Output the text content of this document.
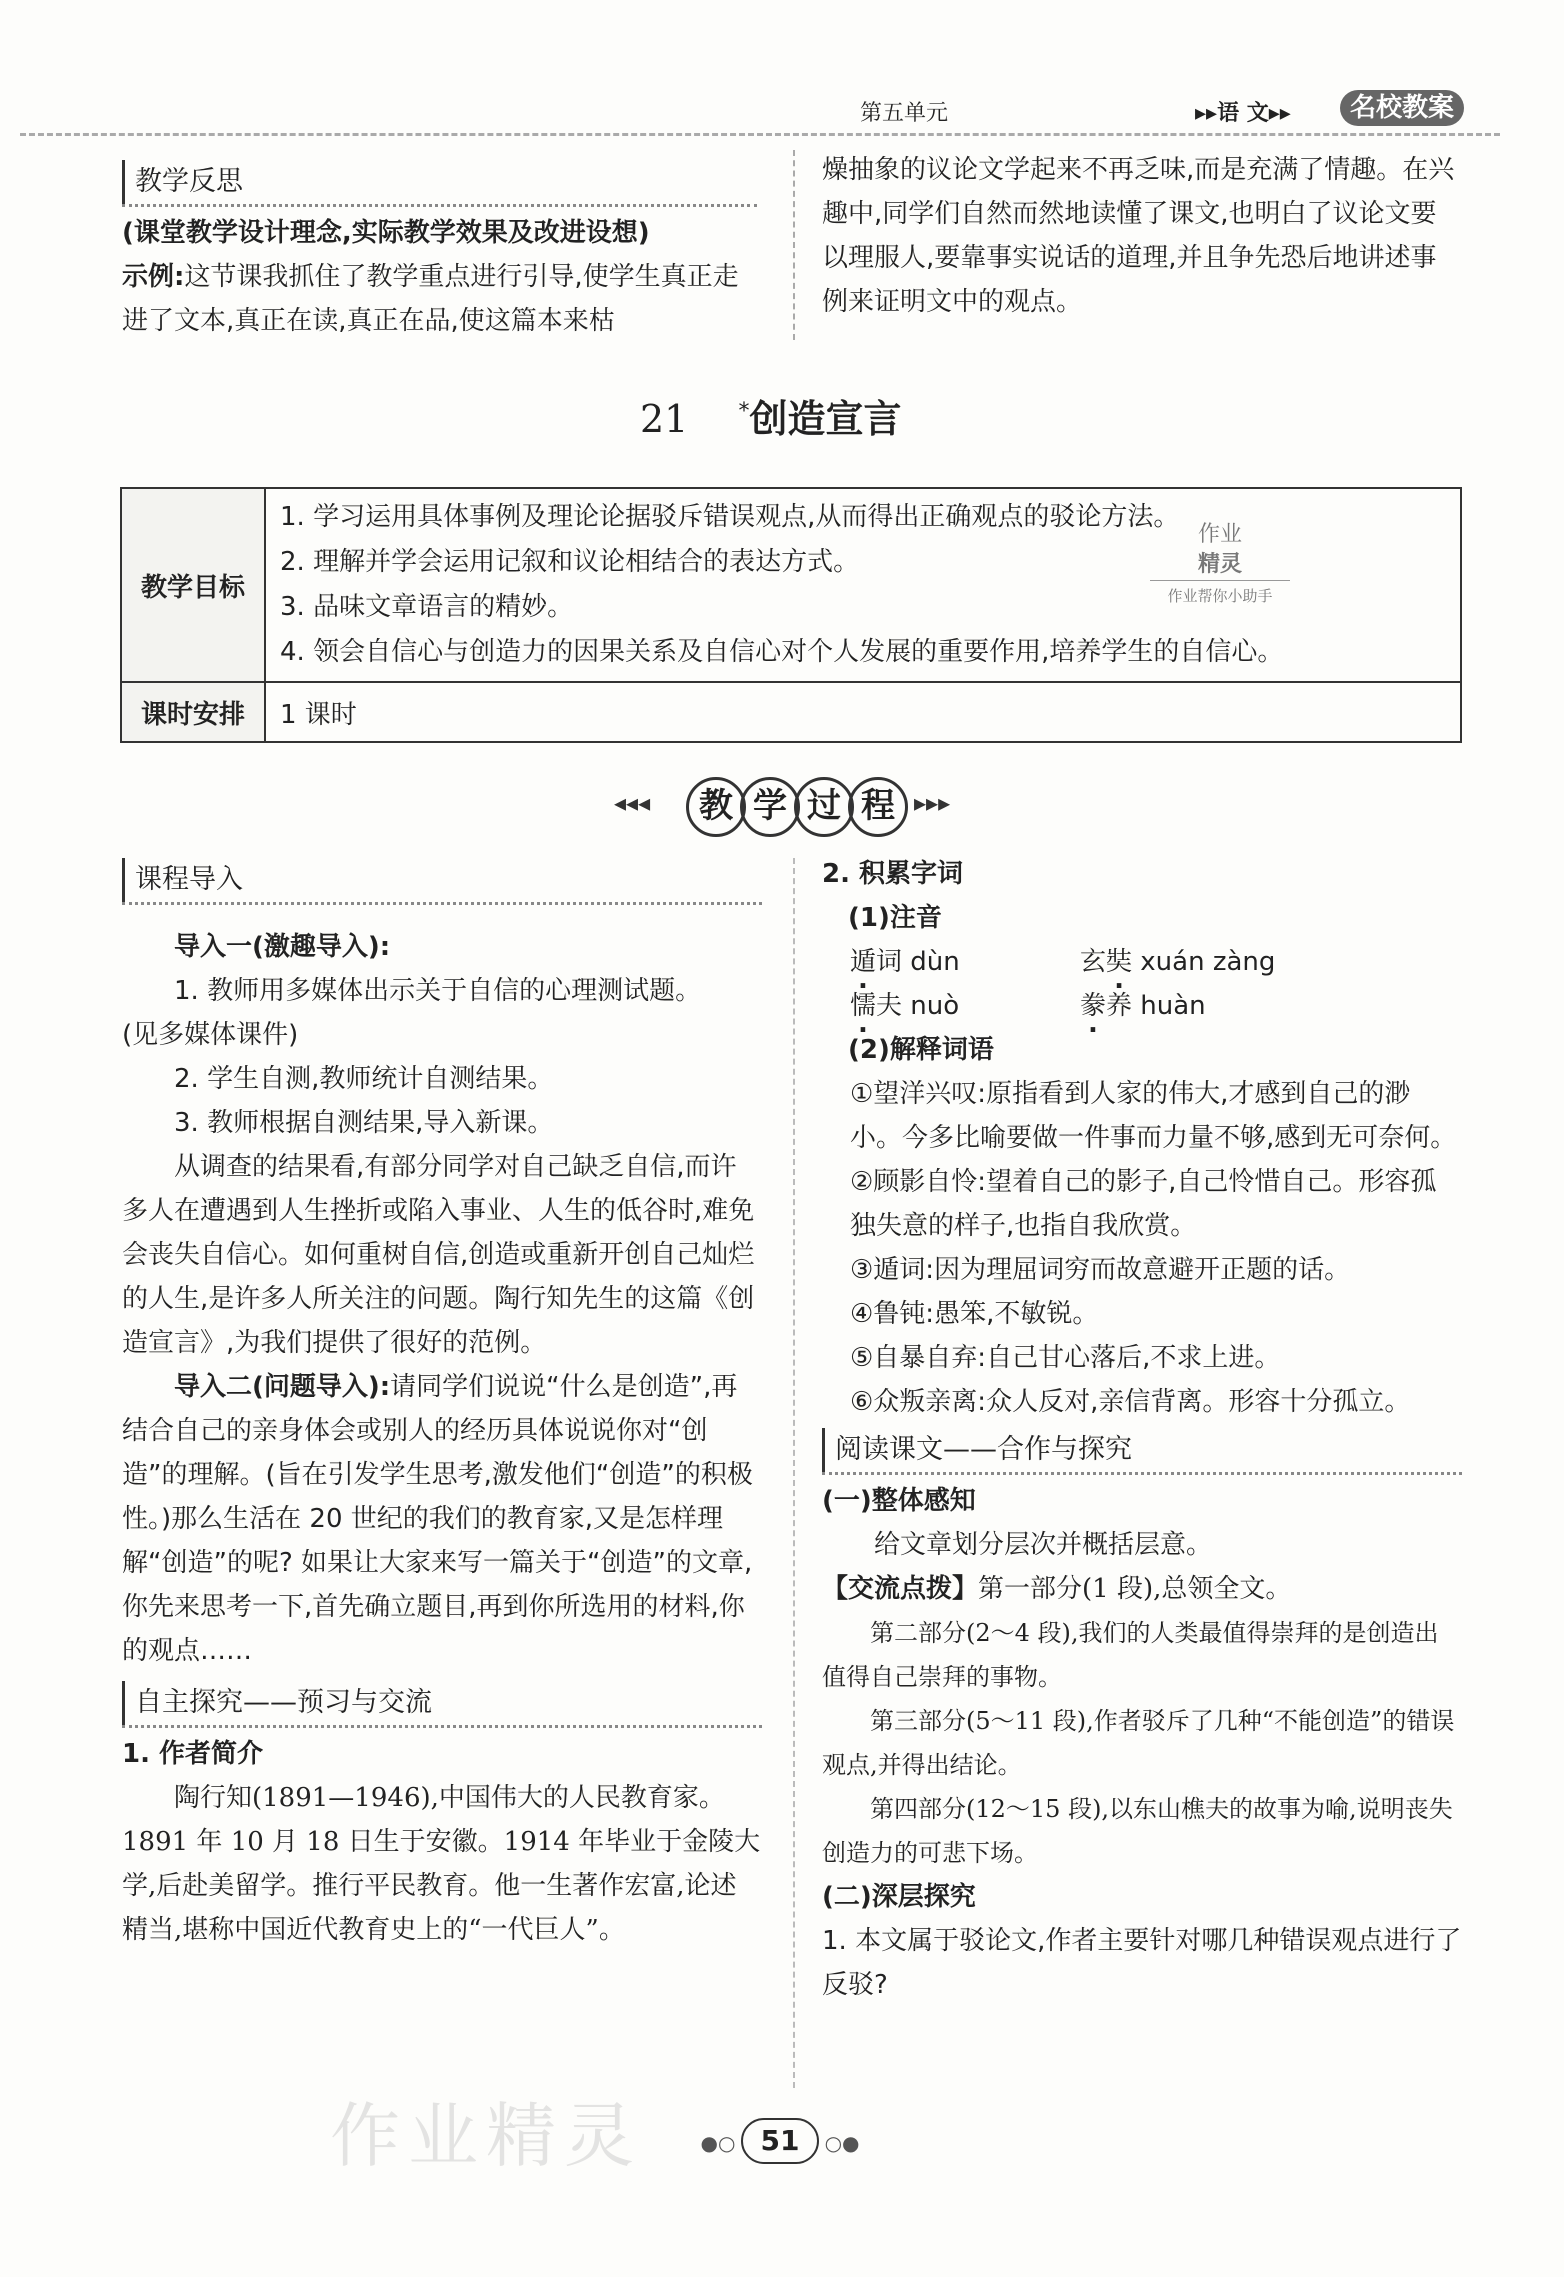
第五单元	▸▸语 文▸▸	名校教案
教学反思

(课堂教学设计理念,实际教学效果及改进设想)

示例:这节课我抓住了教学重点进行引导,使学生真正走进了文本,真正在读,真正在品,使这篇本来枯

燥抽象的议论文学起来不再乏味,而是充满了情趣。在兴趣中,同学们自然而然地读懂了课文,也明白了议论文要以理服人,要靠事实说话的道理,并且争先恐后地讲述事例来证明文中的观点。

21 *创造宣言
教学目标	1. 学习运用具体事例及理论论据驳斥错误观点,从而得出正确观点的驳论方法。
2. 理解并学会运用记叙和议论相结合的表达方式。
3. 品味文章语言的精妙。
4. 领会自信心与创造力的因果关系及自信心对个人发展的重要作用,培养学生的自信心。

课时安排	1 课时
作业
精灵
作业帮你小助手
◂◂◂	教 学 过 程 ▸▸▸
课程导入

导入一(激趣导入):

1. 教师用多媒体出示关于自信的心理测试题。

(见多媒体课件)

2. 学生自测,教师统计自测结果。

3. 教师根据自测结果,导入新课。

从调查的结果看,有部分同学对自己缺乏自信,而许多人在遭遇到人生挫折或陷入事业、人生的低谷时,难免会丧失自信心。如何重树自信,创造或重新开创自己灿烂的人生,是许多人所关注的问题。陶行知先生的这篇《创造宣言》,为我们提供了很好的范例。

导入二(问题导入):请同学们说说“什么是创造”,再结合自己的亲身体会或别人的经历具体说说你对“创造”的理解。(旨在引发学生思考,激发他们“创造”的积极性。)那么生活在 20 世纪的我们的教育家,又是怎样理解“创造”的呢? 如果让大家来写一篇关于“创造”的文章,你先来思考一下,首先确立题目,再到你所选用的材料,你的观点……

自主探究——预习与交流

1. 作者简介

陶行知(1891—1946),中国伟大的人民教育家。1891 年 10 月 18 日生于安徽。1914 年毕业于金陵大学,后赴美留学。推行平民教育。他一生著作宏富,论述精当,堪称中国近代教育史上的“一代巨人”。

2. 积累字词

(1)注音

遁词 dùn	玄奘 xuán zàng
懦夫 nuò	豢养 huàn

(2)解释词语

①望洋兴叹:原指看到人家的伟大,才感到自己的渺小。今多比喻要做一件事而力量不够,感到无可奈何。

②顾影自怜:望着自己的影子,自己怜惜自己。形容孤独失意的样子,也指自我欣赏。

③遁词:因为理屈词穷而故意避开正题的话。

④鲁钝:愚笨,不敏锐。

⑤自暴自弃:自己甘心落后,不求上进。

⑥众叛亲离:众人反对,亲信背离。形容十分孤立。

阅读课文——合作与探究

(一)整体感知

给文章划分层次并概括层意。

【交流点拨】第一部分(1 段),总领全文。

第二部分(2～4 段),我们的人类最值得崇拜的是创造出值得自己崇拜的事物。

第三部分(5～11 段),作者驳斥了几种“不能创造”的错误观点,并得出结论。

第四部分(12～15 段),以东山樵夫的故事为喻,说明丧失创造力的可悲下场。

(二)深层探究

1. 本文属于驳论文,作者主要针对哪几种错误观点进行了反驳?

作业精灵	●○ 51 ○●
